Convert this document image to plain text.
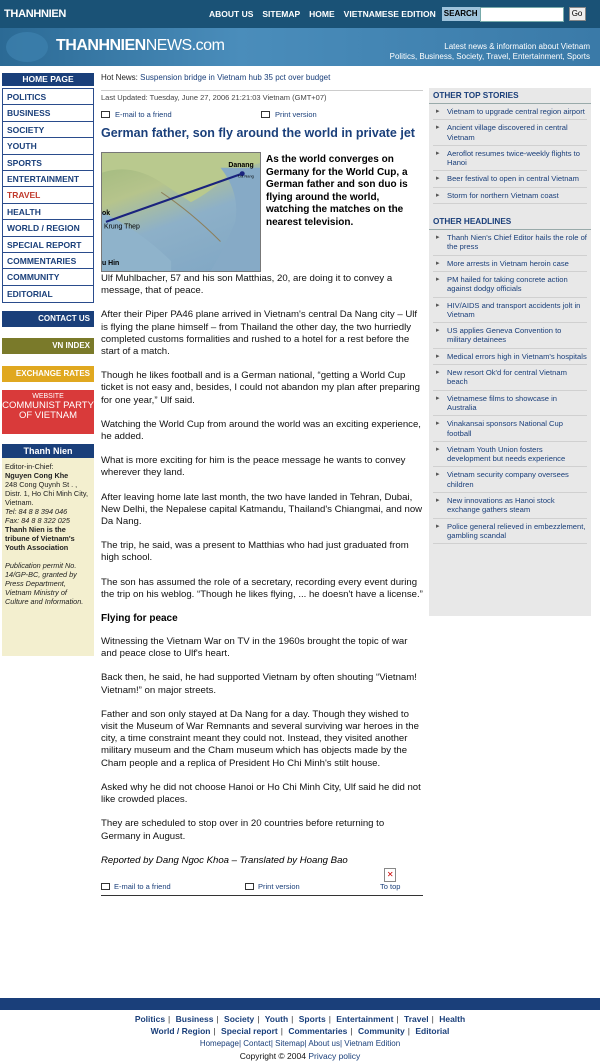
THANHNIEN	ABOUT US SITEMAP HOME VIETNAMESE EDITION SEARCH	Go
THANHNIENNEWS.com	Latest news & information about Vietnam
Politics, Business, Society, Travel, Entertainment, Sports
HOME PAGE
POLITICS
BUSINESS
SOCIETY
YOUTH
SPORTS
ENTERTAINMENT
TRAVEL
HEALTH
WORLD / REGION
SPECIAL REPORT
COMMENTARIES
COMMUNITY
EDITORIAL
CONTACT US
VN INDEX
EXCHANGE RATES
WEBSITE
COMMUNIST PARTY OF VIETNAM
Thanh Nien
Editor-in-Chief:
Nguyen Cong Khe
248 Cong Quynh St . , Distr. 1, Ho Chi Minh City, Vietnam.
Tel: 84 8 8 394 046
Fax: 84 8 8 322 025
Thanh Nien is the tribune of Vietnam's Youth Association
Publication permit No. 14/GP-BC, granted by Press Department, Vietnam Ministry of Culture and Information.
Hot News: Suspension bridge in Vietnam hub 35 pct over budget
Last Updated: Tuesday, June 27, 2006 21:21:03 Vietnam (GMT+07)
E-mail to a friend	Print version
German father, son fly around the world in private jet
Danang
Da Nang
ok
Krung Thep
u Hin
As the world converges on Germany for the World Cup, a German father and son duo is flying around the world, watching the matches on the nearest television.

Ulf Muhlbacher, 57 and his son Matthias, 20, are doing it to convey a message, that of peace.

After their Piper PA46 plane arrived in Vietnam's central Da Nang city – Ulf is flying the plane himself – from Thailand the other day, the two hurriedly completed customs formalities and rushed to a hotel for a rest before the start of a match.

Though he likes football and is a German national, “getting a World Cup ticket is not easy and, besides, I could not abandon my plan after preparing for one year,” Ulf said.

Watching the World Cup from around the world was an exciting experience, he added.

What is more exciting for him is the peace message he wants to convey wherever they land.

After leaving home late last month, the two have landed in Tehran, Dubai, New Delhi, the Nepalese capital Katmandu, Thailand's Chiangmai, and now Da Nang.

The trip, he said, was a present to Matthias who had just graduated from high school.

The son has assumed the role of a secretary, recording every event during the trip on his weblog. “Though he likes flying, ... he doesn't have a license.”

Flying for peace

Witnessing the Vietnam War on TV in the 1960s brought the topic of war and peace close to Ulf's heart.

Back then, he said, he had supported Vietnam by often shouting “Vietnam! Vietnam!” on major streets.

Father and son only stayed at Da Nang for a day. Though they wished to visit the Museum of War Remnants and several surviving war heroes in the city, a time constraint meant they could not. Instead, they visited another military museum and the Cham museum which has objects made by the Cham people and a replica of President Ho Chi Minh's stilt house.

Asked why he did not choose Hanoi or Ho Chi Minh City, Ulf said he did not like crowded places.

They are scheduled to stop over in 20 countries before returning to Germany in August.

Reported by Dang Ngoc Khoa – Translated by Hoang Bao

E-mail to a friend	Print version
✕
To top
OTHER TOP STORIES
▸ Vietnam to upgrade central region airport
▸ Ancient village discovered in central Vietnam
▸ Aeroflot resumes twice-weekly flights to Hanoi
▸ Beer festival to open in central Vietnam
▸ Storm for northern Vietnam coast
OTHER HEADLINES
▸ Thanh Nien's Chief Editor hails the role of the press
▸ More arrests in Vietnam heroin case
▸ PM hailed for taking concrete action against dodgy officials
▸ HIV/AIDS and transport accidents jolt in Vietnam
▸ US applies Geneva Convention to military detainees
▸ Medical errors high in Vietnam's hospitals
▸ New resort Ok'd for central Vietnam beach
▸ Vietnamese films to showcase in Australia
▸ Vinakansai sponsors National Cup football
▸ Vietnam Youth Union fosters development but needs experience
▸ Vietnam security company oversees children
▸ New innovations as Hanoi stock exchange gathers steam
▸ Police general relieved in embezzlement, gambling scandal
Politics | Business | Society | Youth | Sports | Entertainment | Travel | Health
World / Region | Special report | Commentaries | Community | Editorial
Homepage| Contact| Sitemap| About us| Vietnam Edition
Copyright © 2004 Privacy policy
